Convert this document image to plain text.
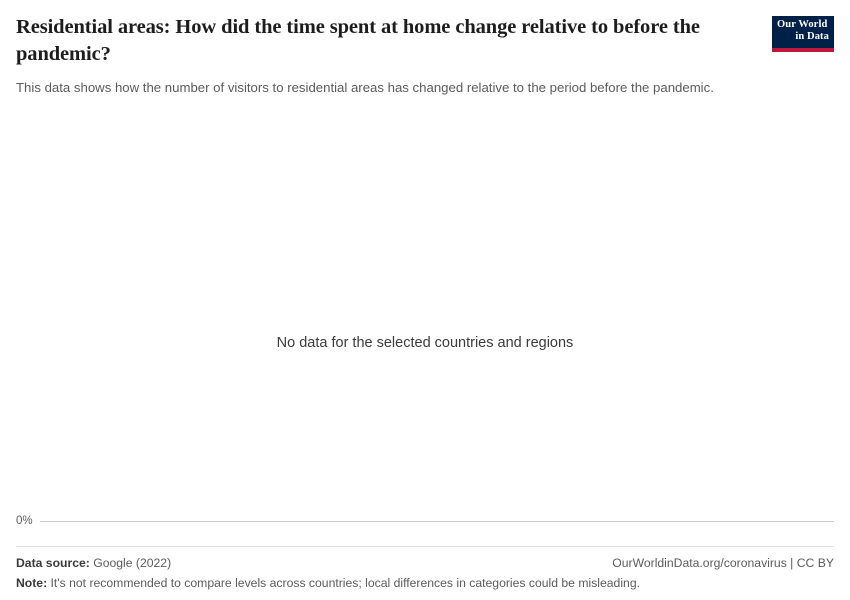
Residential areas: How did the time spent at home change relative to before the pandemic?

This data shows how the number of visitors to residential areas has changed relative to the period before the pandemic.

Our World
in Data
No data for the selected countries and regions
0%
Data source: Google (2022)	OurWorldinData.org/coronavirus | CC BY
Note: It's not recommended to compare levels across countries; local differences in categories could be misleading.
